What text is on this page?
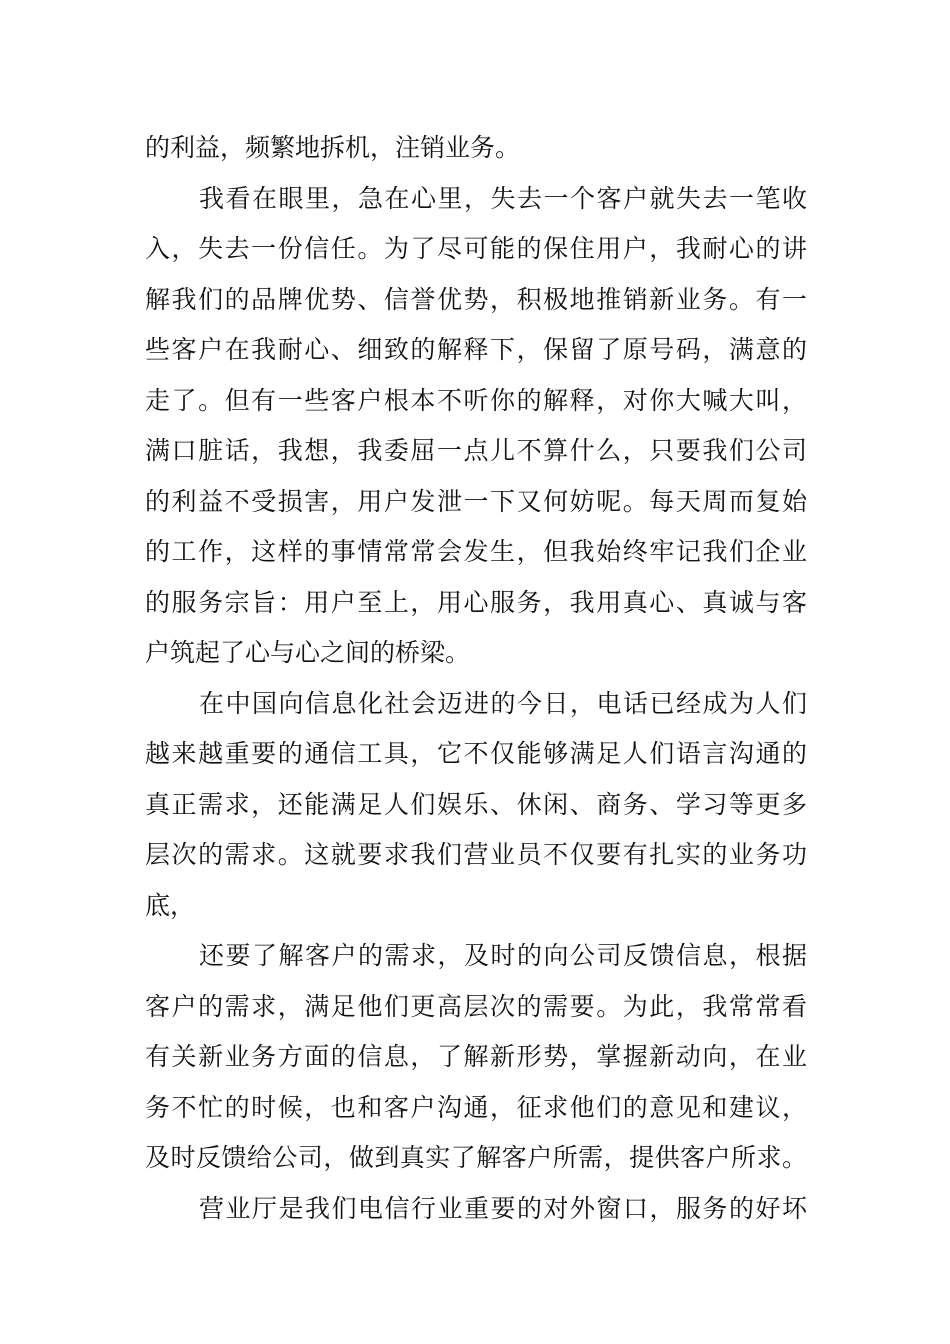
的利益，频繁地拆机，注销业务。
我看在眼里，急在心里，失去一个客户就失去一笔收
入，失去一份信任。为了尽可能的保住用户，我耐心的讲
解我们的品牌优势、信誉优势，积极地推销新业务。有一
些客户在我耐心、细致的解释下，保留了原号码，满意的
走了。但有一些客户根本不听你的解释，对你大喊大叫，
满口脏话，我想，我委屈一点儿不算什么，只要我们公司
的利益不受损害，用户发泄一下又何妨呢。每天周而复始
的工作，这样的事情常常会发生，但我始终牢记我们企业
的服务宗旨：用户至上，用心服务，我用真心、真诚与客
户筑起了心与心之间的桥梁。
在中国向信息化社会迈进的今日，电话已经成为人们
越来越重要的通信工具，它不仅能够满足人们语言沟通的
真正需求，还能满足人们娱乐、休闲、商务、学习等更多
层次的需求。这就要求我们营业员不仅要有扎实的业务功
底，
还要了解客户的需求，及时的向公司反馈信息，根据
客户的需求，满足他们更高层次的需要。为此，我常常看
有关新业务方面的信息，了解新形势，掌握新动向，在业
务不忙的时候，也和客户沟通，征求他们的意见和建议，
及时反馈给公司，做到真实了解客户所需，提供客户所求。
营业厅是我们电信行业重要的对外窗口，服务的好坏
